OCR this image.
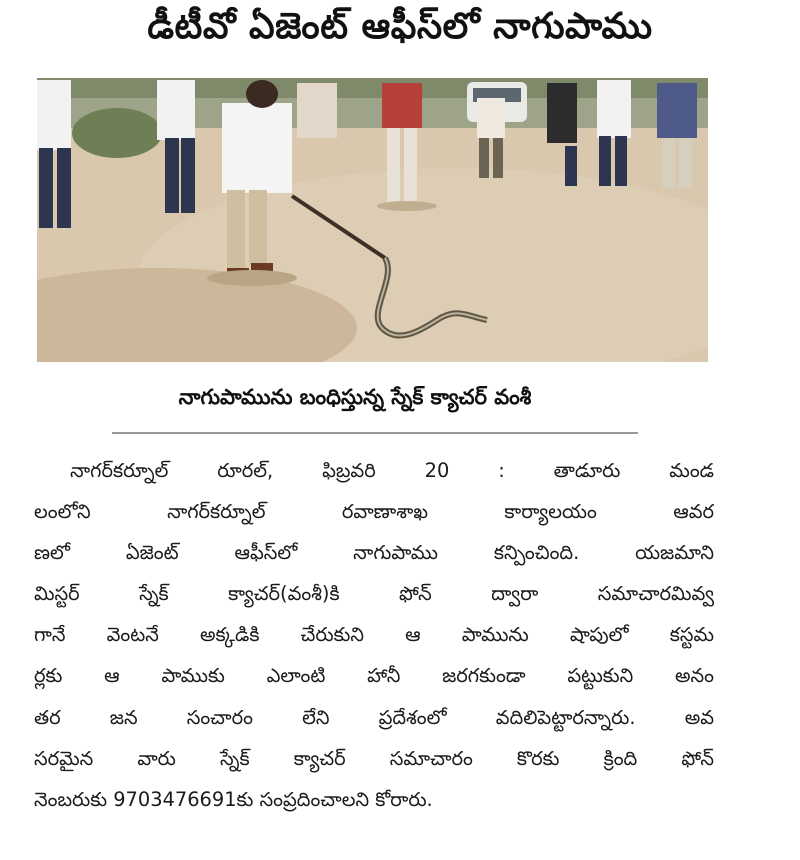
డీటీవో ఏజెంట్ ఆఫీస్‌లో నాగుపాము
నాగుపామును బంధిస్తున్న స్నేక్ క్యాచర్ వంశీ
నాగర్‌కర్నూల్ రూరల్, ఫిబ్రవరి 20 : తాడూరు మండ
లంలోని నాగర్‌కర్నూల్ రవాణాశాఖ కార్యాలయం ఆవర
ణలో ఏజెంట్ ఆఫీస్‌లో నాగుపాము కన్పించింది. యజమాని
మిస్టర్ స్నేక్ క్యాచర్(వంశీ)కి ఫోన్ ద్వారా సమాచారమివ్వ
గానే వెంటనే అక్కడికి చేరుకుని ఆ పామును షాపులో కస్టమ
ర్లకు ఆ పాముకు ఎలాంటి హానీ జరగకుండా పట్టుకుని అనం
తర జన సంచారం లేని ప్రదేశంలో వదిలిపెట్టారన్నారు. అవ
సరమైన వారు స్నేక్ క్యాచర్ సమాచారం కొరకు క్రింది ఫోన్
నెంబరుకు 9703476691కు సంప్రదించాలని కోరారు.
